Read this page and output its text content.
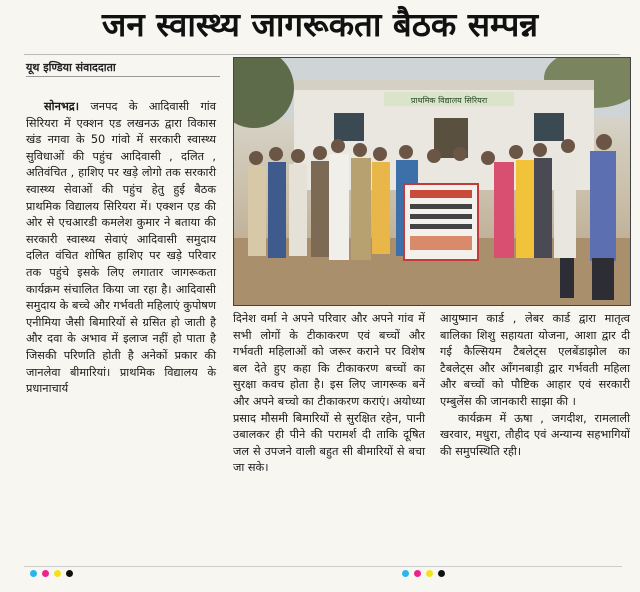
जन स्वास्थ्य जागरूकता बैठक सम्पन्न
यूथ इण्डिया संवाददाता

सोनभद्र। जनपद के आदिवासी गांव सिरियरा में एक्शन एड लखनऊ द्वारा विकास खंड नगवा के 50 गांवो में सरकारी स्वास्थ्य सुविधाओं की पहुंच आदिवासी , दलित , अतिवंचित , हाशिए पर खड़े लोगो तक सरकारी स्वास्थ्य सेवाओं की पहुंच हेतु हुई बैठक प्राथमिक विद्यालय सिरियरा में। एक्शन एड की ओर से एचआरडी कमलेश कुमार ने बताया की सरकारी स्वास्थ्य सेवाएं आदिवासी समुदाय दलित वंचित शोषित हाशिए पर खड़े परिवार तक पहुंचे इसके लिए लगातार जागरूकता कार्यक्रम संचालित किया जा रहा है। आदिवासी समुदाय के बच्चे और गर्भवती महिलाएं कुपोषण एनीमिया जैसी बिमारियों से ग्रसित हो जाती है और दवा के अभाव में इलाज नहीं हो पाता है जिसकी परिणति होती है अनेकों प्रकार की जानलेवा बीमारियां। प्राथमिक विद्यालय के प्रधानाचार्य

प्राथमिक विद्यालय सिरियरा

दिनेश वर्मा ने अपने परिवार और अपने गांव में सभी लोगों के टीकाकरण एवं बच्चों और गर्भवती महिलाओं को जरूर कराने पर विशेष बल देते हुए कहा कि टीकाकरण बच्चों का सुरक्षा कवच होता है। इस लिए जागरूक बनें और अपने बच्चो का टीकाकरण कराएं। अयोध्या प्रसाद मौसमी बिमारियों से सुरक्षित रहेन, पानी उबालकर ही पीने की परामर्श दी ताकि दूषित जल से उपजने वाली बहुत सी बीमारियों से बचा जा सके।

आयुष्मान कार्ड , लेबर कार्ड द्वारा मातृत्व बालिका शिशु सहायता योजना, आशा द्वार दी गई कैल्सियम टैबलेट्स एलबेंडाझोल का टैबलेट्स और आँगनबाड़ी द्वार गर्भवती महिला और बच्चों को पौष्टिक आहार एवं सरकारी एम्बुलेंस की जानकारी साझा की ।

कार्यक्रम में ऊषा , जगदीश, रामलाली खरवार, मधुरा, तौहीद एवं अन्यान्य सहभागियों की समुपस्थिति रही।
